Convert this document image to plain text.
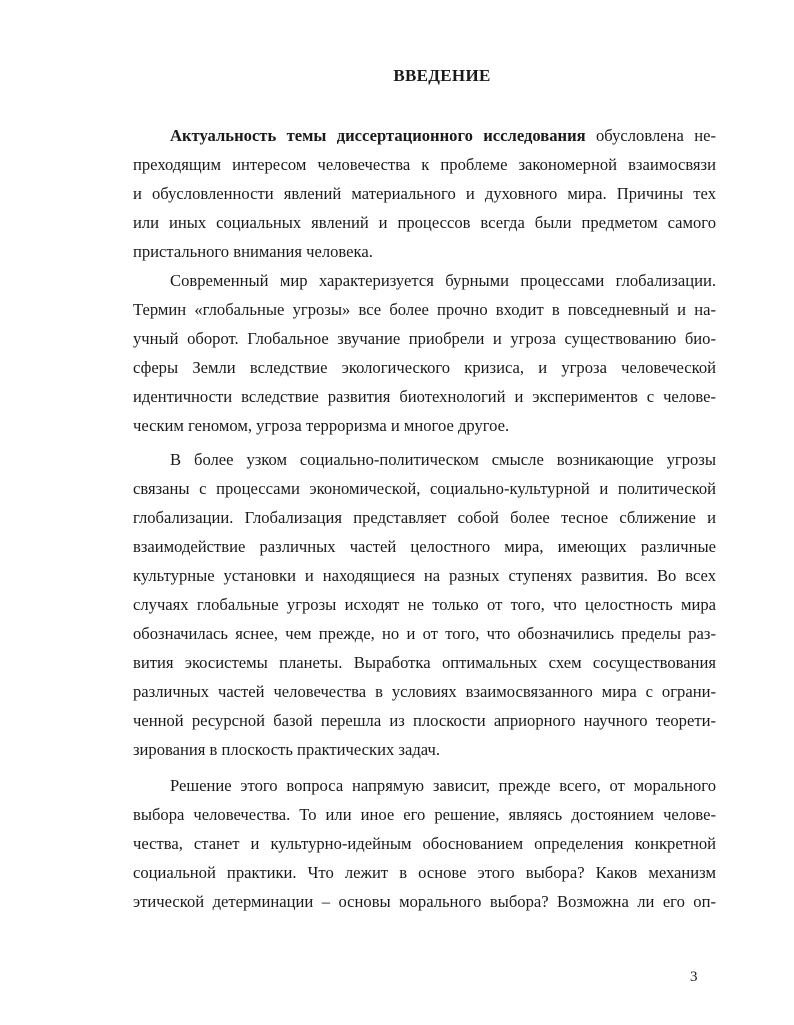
ВВЕДЕНИЕ
Актуальность темы диссертационного исследования обусловлена не-
преходящим интересом человечества к проблеме закономерной взаимосвязи
и обусловленности явлений материального и духовного мира. Причины тех
или иных социальных явлений и процессов всегда были предметом самого
пристального внимания человека.
Современный мир характеризуется бурными процессами глобализации.
Термин «глобальные угрозы» все более прочно входит в повседневный и на-
учный оборот. Глобальное звучание приобрели и угроза существованию био-
сферы Земли вследствие экологического кризиса, и угроза человеческой
идентичности вследствие развития биотехнологий и экспериментов с челове-
ческим геномом, угроза терроризма и многое другое.
В более узком социально-политическом смысле возникающие угрозы
связаны с процессами экономической, социально-культурной и политической
глобализации. Глобализация представляет собой более тесное сближение и
взаимодействие различных частей целостного мира, имеющих различные
культурные установки и находящиеся на разных ступенях развития. Во всех
случаях глобальные угрозы исходят не только от того, что целостность мира
обозначилась яснее, чем прежде, но и от того, что обозначились пределы раз-
вития экосистемы планеты. Выработка оптимальных схем сосуществования
различных частей человечества в условиях взаимосвязанного мира с ограни-
ченной ресурсной базой перешла из плоскости априорного научного теорети-
зирования в плоскость практических задач.
Решение этого вопроса напрямую зависит, прежде всего, от морального
выбора человечества. То или иное его решение, являясь достоянием челове-
чества, станет и культурно-идейным обоснованием определения конкретной
социальной практики. Что лежит в основе этого выбора? Каков механизм
этической детерминации – основы морального выбора? Возможна ли его оп-
3
